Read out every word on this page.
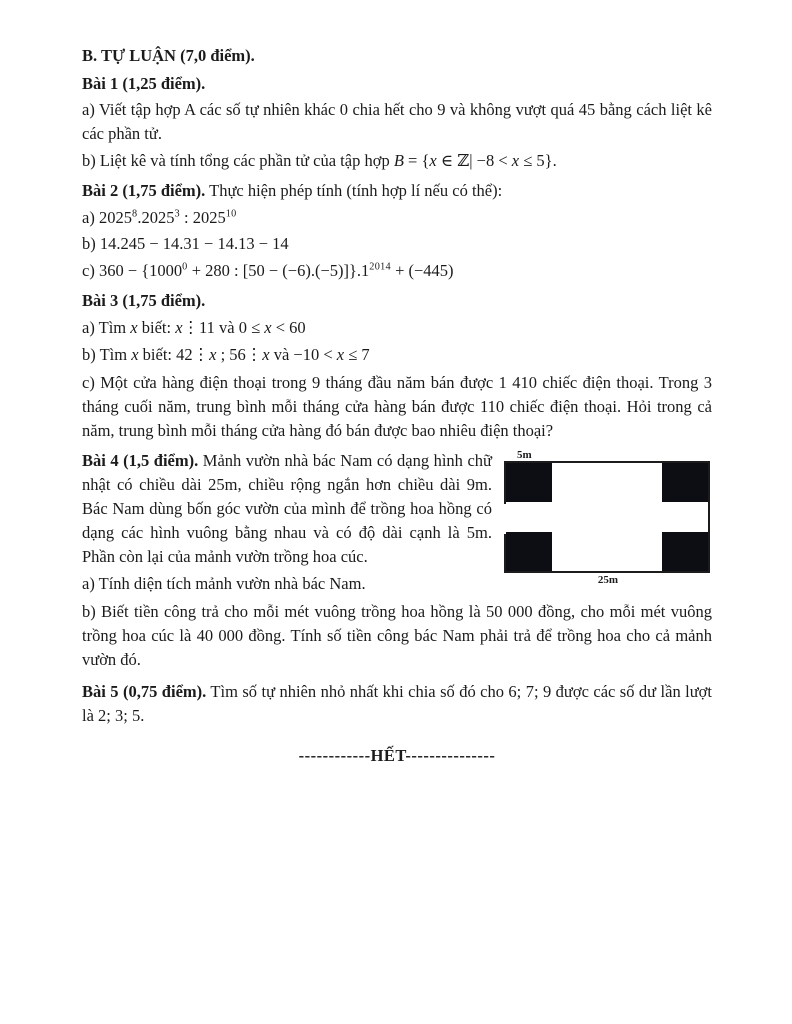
B. TỰ LUẬN (7,0 điểm).

Bài 1 (1,25 điểm).

a) Viết tập hợp A các số tự nhiên khác 0 chia hết cho 9 và không vượt quá 45 bằng cách liệt kê các phần tử.

b) Liệt kê và tính tổng các phần tử của tập hợp B = {x ∈ ℤ| −8 < x ≤ 5}.

Bài 2 (1,75 điểm). Thực hiện phép tính (tính hợp lí nếu có thể):

a) 2025$^8$.2025$^3$ : 2025$^{10}$

b) 14.245 − 14.31 − 14.13 − 14

c) $360 - \{1000^0 + 280$ : $[50 - (-6).(-5)]\}.1^{2014} + (-445)$

Bài 3 (1,75 điểm).

a) Tìm x biết: x⋮11 và 0 ≤ x < 60

b) Tìm x biết: 42⋮x ; 56⋮x và −10 < x ≤ 7

c) Một cửa hàng điện thoại trong 9 tháng đầu năm bán được 1 410 chiếc điện thoại. Trong 3 tháng cuối năm, trung bình mỗi tháng cửa hàng bán được 110 chiếc điện thoại. Hỏi trong cả năm, trung bình mỗi tháng cửa hàng đó bán được bao nhiêu điện thoại?

5m
25m

Bài 4 (1,5 điểm). Mảnh vườn nhà bác Nam có dạng hình chữ nhật có chiều dài 25m, chiều rộng ngắn hơn chiều dài 9m. Bác Nam dùng bốn góc vườn của mình để trồng hoa hồng có dạng các hình vuông bằng nhau và có độ dài cạnh là 5m. Phần còn lại của mảnh vườn trồng hoa cúc.

a) Tính diện tích mảnh vườn nhà bác Nam.

b) Biết tiền công trả cho mỗi mét vuông trồng hoa hồng là 50 000 đồng, cho mỗi mét vuông trồng hoa cúc là 40 000 đồng. Tính số tiền công bác Nam phải trả để trồng hoa cho cả mảnh vườn đó.

Bài 5 (0,75 điểm). Tìm số tự nhiên nhỏ nhất khi chia số đó cho 6; 7; 9 được các số dư lần lượt là 2; 3; 5.

------------HẾT---------------
